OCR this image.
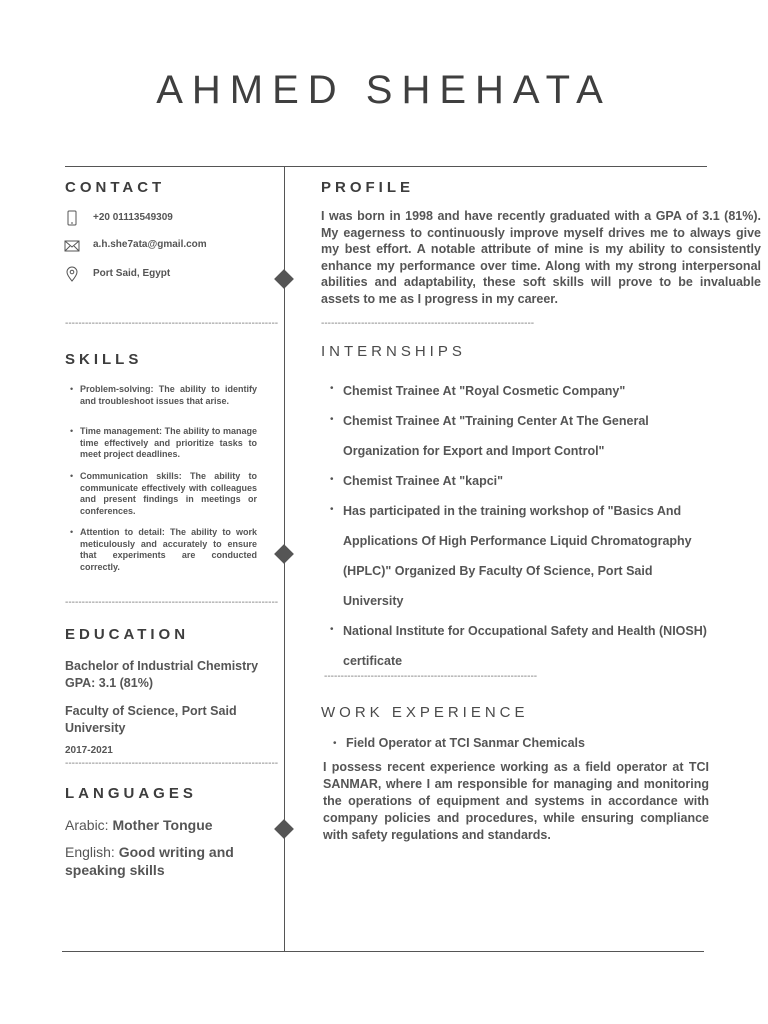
AHMED SHEHATA
CONTACT
+20 01113549309
a.h.she7ata@gmail.com
Port Said, Egypt
----------------------------------------------------------------
SKILLS
• Problem-solving: The ability to identify and troubleshoot issues that arise.
• Time management: The ability to manage time effectively and prioritize tasks to meet project deadlines.
• Communication skills: The ability to communicate effectively with colleagues and present findings in meetings or conferences.
• Attention to detail: The ability to work meticulously and accurately to ensure that experiments are conducted correctly.
----------------------------------------------------------------
EDUCATION
Bachelor of Industrial Chemistry
GPA: 3.1 (81%)
Faculty of Science, Port Said University
2017-2021
----------------------------------------------------------------
LANGUAGES
Arabic: Mother Tongue
English: Good writing and speaking skills
PROFILE
I was born in 1998 and have recently graduated with a GPA of 3.1 (81%). My eagerness to continuously improve myself drives me to always give my best effort. A notable attribute of mine is my ability to consistently enhance my performance over time. Along with my strong interpersonal abilities and adaptability, these soft skills will prove to be invaluable assets to me as I progress in my career.
----------------------------------------------------------------
INTERNSHIPS
• Chemist Trainee At "Royal Cosmetic Company"
• Chemist Trainee At "Training Center At The General Organization for Export and Import Control"
• Chemist Trainee At "kapci"
• Has participated in the training workshop of "Basics And Applications Of High Performance Liquid Chromatography (HPLC)" Organized By Faculty Of Science, Port Said University
• National Institute for Occupational Safety and Health (NIOSH) certificate
----------------------------------------------------------------
WORK EXPERIENCE
• Field Operator at TCI Sanmar Chemicals
I possess recent experience working as a field operator at TCI SANMAR, where I am responsible for managing and monitoring the operations of equipment and systems in accordance with company policies and procedures, while ensuring compliance with safety regulations and standards.
